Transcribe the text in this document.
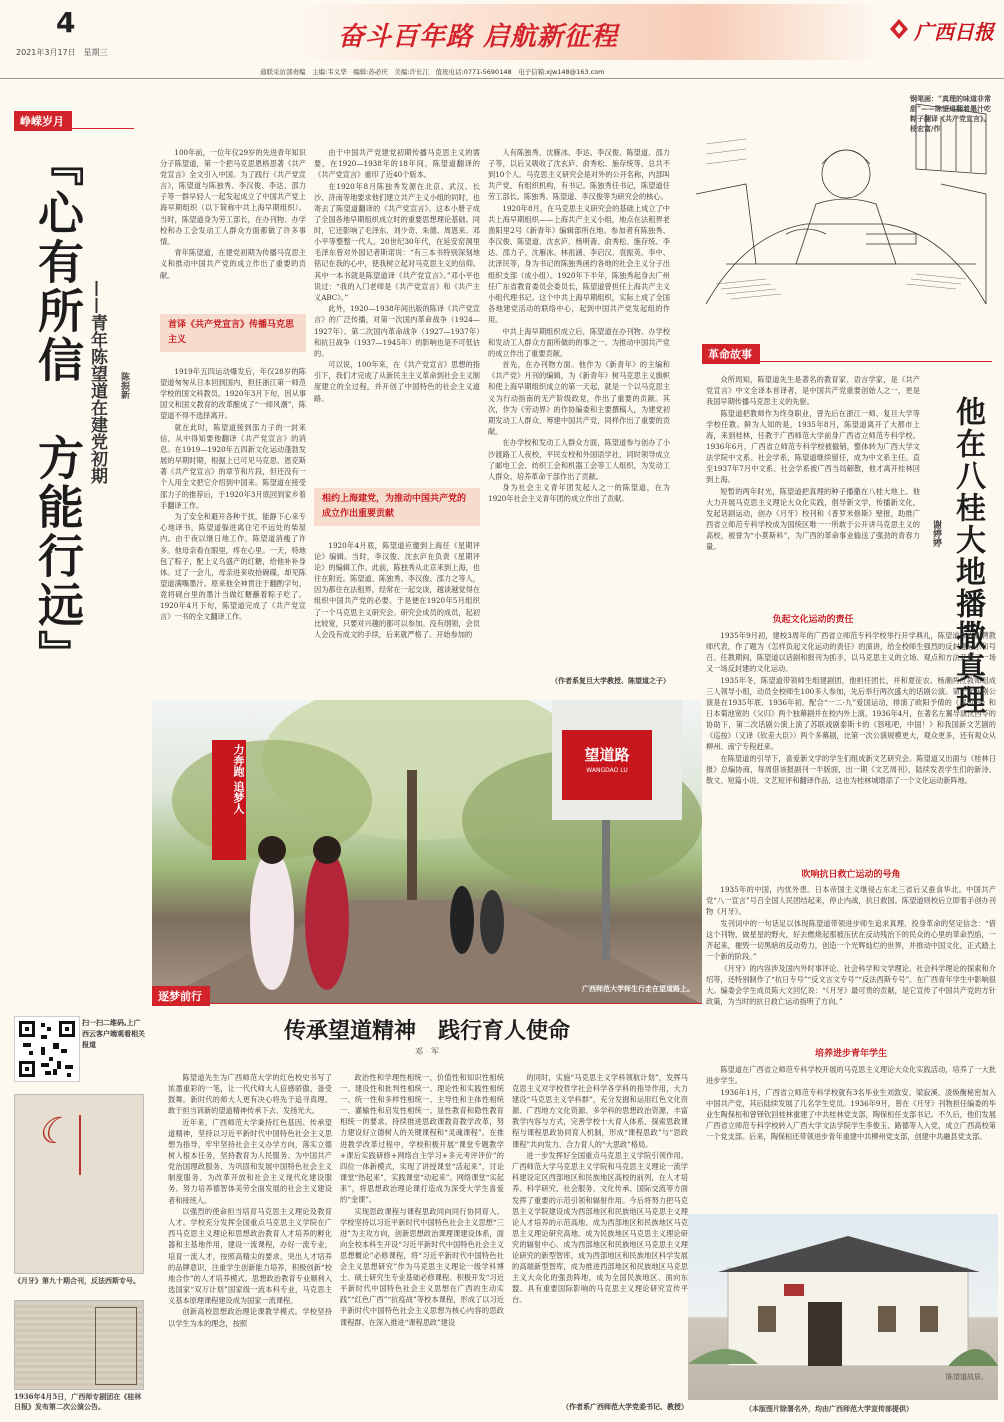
4
2021年3月17日　星期三
奋斗百年路 启航新征程	广西日报
通联采访部责编　主编:韦义华　编辑:苏必庆　美编:许长江　值班电话:0771-5690148　电子信箱:xjw148@163.com
峥嵘岁月
『心有所信　方能行远』 ——青年陈望道在建党初期 陈振新

100年前，一位年仅29岁的先进青年知识分子陈望道，第一个把马克思恩格思著《共产党宣言》全文引入中国。为了践行《共产党宣言》，陈望道与陈独秀、李汉俊、李达、邵力子等一群早轻人一起发起成立了中国共产党上海早期组织（以下简称中共上海早期组织）。当时，陈望道身为劳工部长，在办刊物、办学校和办工会发动工人群众方面都做了许多事情。

青年陈望道，在建党初期为传播马克思主义和推动中国共产党的成立作出了重要的贡献。

首译《共产党宣言》传播马克思主义

1919年五四运动爆发后，年仅28岁的陈望道匆匆从日本回到国内，担任浙江第一师范学校的国文科教员。1920年3月下旬，因从事国文和国文教育的改革酿成了“一师风潮”，陈望道不得不选择离开。

就在此时，陈望道接到邵力子的一封来信，从中得知要他翻译《共产党宣言》的消息。在1919—1920年五四新文化运动蓬勃发展的早期时期，根据上已可见马克思、恩克斯著《共产党宣言》的章节和片段，但还没有一个人用全文把它介绍到中国来。陈望道在接受邵力子的推荐后，于1920年3月底回到家乡着手翻译工作。

为了安全和避开各种干扰，能静下心来专心地译书，陈望道躲进离住宅不远处的柴屋内。由于夜以继日地工作，陈望道消瘦了许多。他母亲看在眼里，疼在心里。一天，特地包了粽子，配上义乌盛产的红糖，给他补补身体。过了一会儿，母亲进来收拾碗碟，却见陈望道满嘴墨汁。原来他全神贯注于翻酌字句，竟将砚台里的墨汁当做红糖蘸着粽子吃了。1920年4月下旬，陈望道完成了《共产党宣言》一书的全文翻译工作。

由于中国共产党建党初期传播马克思主义的需要，在1920—1938年的18年间，陈望道翻译的《共产党宣言》重印了近40个版本。

在1920年8月陈独秀发源在北京、武汉、长沙、济南等地要求他们建立共产主义小组的同时，也寄去了陈望道翻译的《共产党宣言》。这本小册子成了全国各地早期组织成立时的重要思想理论基础。同时，它还影响了毛泽东、刘少奇、朱德、周恩来、邓小平等整整一代人。20世纪30年代，在延安窑洞里毛泽东曾对外国记者斯诺说：“有三本书特别深刻地铭记在我的心中，使我树立起对马克思主义的信仰。其中一本书就是陈望道译《共产党宣言》。”邓小平也说过：“我的入门老师是《共产党宣言》和《共产主义ABC》。”

此外，1920—1938年间出版的陈译《共产党宣言》的广泛传播，对第一次国内革命战争（1924—1927年）、第二次国内革命战争（1927—1937年）和抗日战争（1937—1945年）的影响也是不可低估的。

可以说，100年来，在《共产党宣言》思想的指引下，我们才完成了从新民主主义革命到社会主义制度建立的全过程，并开创了中国特色的社会主义道路。

相约上海建党，为推动中国共产党的成立作出重要贡献

1920年4月底，陈望道应邀到上海任《星期评论》编辑。当时，李汉俊、沈玄庐在负责《星期评论》的编辑工作。此前，陈独秀从北京来到上海，也住在附近。陈望道、陈独秀、李汉俊、邵力之等人，因为都住在法租界，经常在一起交谈，越谈越觉得在组织中国共产党的必要。于是便在1920年5月组织了一个马克思主义研究会。研究会成员的成员，起初比较宽，只要对兴趣的都可以参加。没有纲领，会员人会没有成文的手续，后来就严格了。开始参加的

人有陈独秀、沈雁冰、李达、李汉俊、陈望道、邵力子等，以后又吸收了沈玄庐、俞秀松、施存统等，总共不到10个人。马克思主义研究会是对外的公开名称，内部叫共产党，有组织机构，有书记。陈独秀任书记，陈望道任劳工部长。陈独秀、陈望道、李汉俊等为研究会的核心。

1920年8月，在马克思主义研究会的基础上成立了中共上海早期组织——上海共产主义小组，地点在法租界老渔阳里2号《新青年》编辑部所在地。参加者有陈独秀、李汉俊、陈望道、沈玄庐、杨明斋、俞秀松、施存统、李达、邵力子、沈雁冰、林祖涵、李启汉、袁振英、李中、沈泽民等，身为书记的陈独秀函约各地的社会主义分子出组织支部（成小组）。1920年下半年，陈独秀起身去广州任广东省教育委员会委员长，陈望道曾担任上海共产主义小组代理书记。这个中共上海早期组织，实际上成了全国各地建党活动的联络中心，起到中国共产党发起组的作用。

中共上海早期组织成立后，陈望道在办刊物、办学校和发动工人群众方面所做的的事之一。为推动中国共产党的成立作出了重要贡献。

首先，在办刊物方面。他作为《新青年》的主编和《共产党》月刊的编辑，为《新青年》树马克思主义旗帜和使上海早期组织成立的第一天起，就是一个以马克思主义为行动指南的无产阶级政党，作出了重要的贡献。其次，作为《劳动界》的作协编委和主要撰稿人，为建党初期发动工人群众、筹建中国共产党，同样作出了重要的贡献。

在办学校和发动工人群众方面，陈望道参与创办了小沙渡路工人夜校，平民女校和外国语学社，同时领导成立了邮电工会、纺织工会和机器工会等工人组织，为发动工人群众、培养革命干部作出了贡献。

身为社会主义青年团发起人之一的陈望道，在为1920年社会主义青年团的成立作出了贡献。

（作者系复旦大学教授、陈望道之子）
钢笔画：“真理的味道非常甜”——陈望道翻着墨汁吃粽子翻译《共产党宣言》。　杨宏富/作
革命故事

众所周知，陈望道先生是著名的教育家、语言学家，是《共产党宣言》中文全译本首译者，是中国共产党重要创始人之一，更是我国早期传播马克思主义的先驱。

陈望道把教师作为终身职业，曾先后在浙江一师、复旦大学等学校任教。鲜为人知的是，1935年8月，陈望道离开了大都市上海，来到桂林，任教于广西师范大学前身广西省立师范专科学校。1936年6月，广西省立师范专科学校被撤销，整体转为广西大学文法学院中文系、社会学系，陈望道继续留任，成为中文系主任。直至1937年7月中文系、社会学系被广西当局解散，他才离开桂林回到上海。

短暂的两年时光，陈望道把真理的种子播撒在八桂大地上。他大力开展马克思主义理论大众化实践，倡导新文学，传播新文化，发起话剧运动，创办《月牙》校刊和《普罗米修斯》壁报，助推广西省立师范专科学校成为国统区唯一一所敢于公开讲马克思主义的高校，被誉为“小莫斯科”，为广西的革命事业输送了强劲的青春力量。	他在八桂大地播撒真理
谢婷婷
负起文化运动的责任

1935年9月初，建校3周年的广西省立师范专科学校举行开学典礼，陈望道作为新聘教师代表，作了题为《怎样负起文化运动的责任》的演讲，给全校师生强烈的反封建启示和号召。任教期间，陈望道以话剧和报刊为抓手，以马克思主义的立场、观点和方法开展了一场又一场反封建的文化运动。

1935年冬，陈望道带领师生组建剧团，他担任团长，并和夏征农、杨潮两位教师组成三人领导小组，动员全校师生100多人参加，先后举行两次盛大的话剧公演。第一次话剧公演是在1935年底、1936年初，配合“一二·九”爱国运动，排演了欧阳予倩的《屏风后》和日本菊池宽的《父归》两个独幕剧并在校内外上演。1936年4月，在著名左翼导演沈西苓的协助下，第二次话剧公演上演了苏联戏剧泰斯卡的《怒吼吧，中国！》和我国新文艺剧的《巡按》（又译《钦差大臣》）两个多幕剧，比第一次公演规模更大，观众更多，还有观众从柳州、南宁专程赶来。

在陈望道的引导下，喜爱新文学的学生们组成新文艺研究会。陈望道又出面与《桂林日报》总编协商，每周借该报副刊一半版面，出一期《文艺周刊》，陆续发表学生们的新诗、散文、短篇小说、文艺短评和翻译作品，这也为桂林城增添了一个文化运动新阵地。

吹响抗日救亡运动的号角

1935年的中国，内忧外患。日本帝国主义继侵占东北三省后又蚕食华北。中国共产党“八一宣言”号召全国人民团结起来，停止内战，抗日救国。陈望道则校后立即着手创办刊物《月牙》。

发刊词中的一句话足以体现陈望道带领进步师生追求真理、投身革命的坚定信念：“借这个刊物，做星星的野火，好去燃烧起那被压伏在反动残治下的民众的心里的革命烈焰，一齐起来，摧毁一切黑暗的反动势力，创造一个光辉灿烂的世界，并推动中国文化，正式踏上一个新的阶段。”

《月牙》的内容涉及国内外时事评论、社会科学和文学理论、社会科学理论的探索和介绍等，还特别制作了“抗日专号”“反文言文专号”“反法西斯专号”。在广西青年学生中影响很大。编委会学生成员陈大文回忆说：“《月牙》最可贵的贡献，是它宣传了中国共产党的方针政策，为当时的抗日救亡运动指明了方向。”

培养进步青年学生

陈望道在广西省立师范专科学校开展的马克思主义理论大众化实践活动，培养了一大批进步学生。

1936年1月，广西省立师范专科学校就有3名毕业生刘敦安、梁寂溪、凌焕衡秘密加入中国共产党，其后陆续发展了几名学生党员。1936年9月，曾在《月牙》刊物担任编委的毕业生陶保桓和曾铎钦回桂林重建了中共桂林党支部，陶保桓任支部书记。不久后，他们发展广西省立师范专科学校转入广西大学文法学院学生李俊玉、路德等人入党，成立广西高校第一个党支部。后来，陶保桓还带领进步青年重建中共柳州党支部，创建中共融县党支部。

陈望道故居。
（本版图片除署名外，均由广西师范大学宣传部提供）
力奔跑 追梦人	望道路
WANGDAO LU
广西师范大学师生行走在望道路上。
扫一扫二维码,上广西云客户端观看相关报道
☾
《月牙》第九十期合刊，反法西斯专号。
1936年4月5日，广西师专剧团在《桂林日报》发布第二次公演公告。
逐梦前行
传承望道精神　践行育人使命
邓　军

陈望道先生为广西师范大学的红色校史书写了浓墨重彩的一笔，让一代代师大人倍感骄傲、备受鼓舞。新时代的师大人更有决心将先于追寻真理、敢于担当训新的望道精神传承下去、发扬光大。

近年来，广西师范大学秉持红色基因、传承望道精神，坚持以习近平新时代中国特色社会主义思想为指导，牢牢坚持社会主义办学方向，落实立德树人根本任务，坚持教育为人民服务、为中国共产党治国理政服务、为巩固和发展中国特色社会主义制度服务、为改革开放和社会主义现代化建设服务。努力培养德智体美劳全面发展的社会主义建设者和接班人。

以强烈的使命担当培育马克思主义理论及教育人才。学校充分发挥全国重点马克思主义学院在广西马克思主义理论和思想政治教育人才培养的孵化器和主基地作用，建设一流课程，办好一流专业，培育一流人才，按照高精尖的要求，突出人才培养的品牌意识，注重学生创新能力培养，积极创新“校地合作”的人才培养模式。思想政治教育专业顺利入选国家“双万计划”国家级一流本科专业，马克思主义基本原理课程建设成为国家一流课程。

创新高校思想政治理论课教学模式。学校坚持以学生为本的理念，按照

政治性和学理性相统一、价值性和知识性相统一、建设性和批判性相统一、理论性和实践性相统一、统一性和多样性相统一、主导性和主体性相统一、灌输性和启发性相统一、显性教育和隐性教育相统一的要求，持续推进思政课教育教学改革，努力建设好立德树人的关键课程和“灵魂课程”。在推进教学改革过程中，学校积极开展“课堂专题教学+课后实践研修+网络自主学习+多元考评评价”的四位一体新模式，实现了讲授课堂“活起来”，讨论课堂“热起来”，实践课堂“动起来”。网络课堂“实起来”，将思想政治理论课打造成为深受大学生喜爱的“金课”。

实现思政课程与课程思政同向同行协同育人。学校坚持以习近平新时代中国特色社会主义思想“三进”为主攻方向，创新思想政治课理课建设体系，面向全校本科生开设“习近平新时代中国特色社会主义思想概论”必修课程，将“习近平新时代中国特色社会主义思想研究”作为马克思主义理论一级学科博士、硕士研究生专业基础必修课程。积极开发“习近平新时代中国特色社会主义思想在广西的生动实践”“红色广西”“抗疫战”等校本课程，形成了以习近平新时代中国特色社会主义思想为核心内容的思政课程群。在深入推进“课程思政”建设

的同时，实施“马克思主义学科领航计划”，发挥马克思主义对学校哲学社会科学各学科的指导作用，大力建设“马克思主义学科群”，充分发掘和运用红色文化资源、广西地方文化资源、多学科的思想政治资源，丰富教学内容与方式，完善学校十大育人体系，探索思政课程与课程思政协同育人机制，形成“课程思政”与“思政课程”共向发力、合力育人的“大思政”格局。

进一步发挥好全国重点马克思主义学院引领作用。广西师范大学马克思主义学院和马克思主义理论一流学科建设定区西部地区和民族地区高校的前列，在人才培养、科学研究、社会服务、文化传承、国际交流等方面发挥了重要的示范引领和辐射作用。今后将努力把马克思主义学院建设成为西部地区和民族地区马克思主义理论人才培养的示范高地、成为西部地区和民族地区马克思主义理论研究高地、成为民族地区马克思主义理论研究的辐射中心、成为西部地区和民族地区马克思主义理论研究的新型智库，成为西部地区和民族地区科学发展的高端新型智库，成为推进西部地区和民族地区马克思主义大众化的强劲阵地，成为全国民族地区、面向东盟、具有重要国际影响的马克思主义理论研究宣传平台。

（作者系广西师范大学党委书记、教授）
